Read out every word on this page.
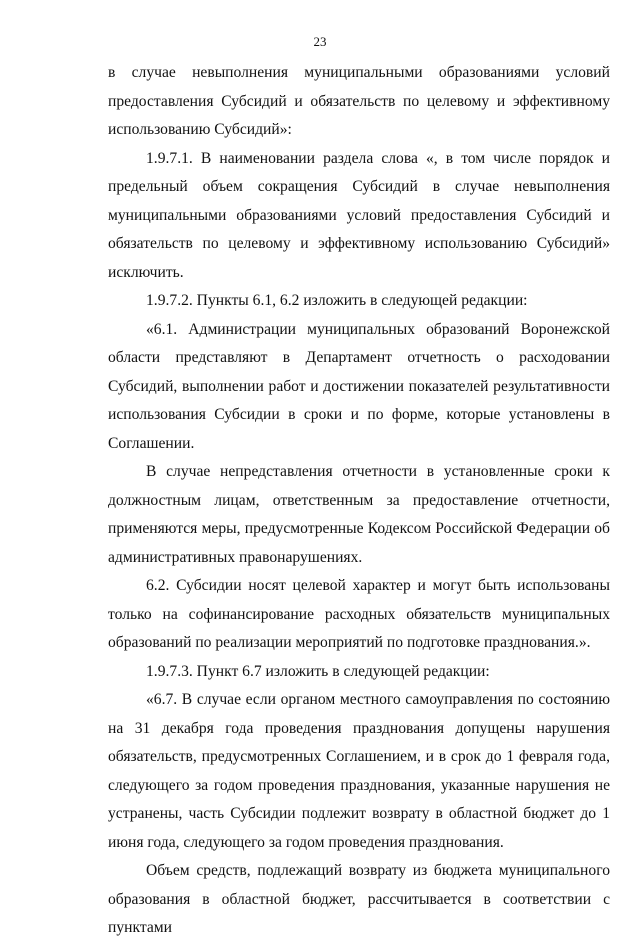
23

в случае невыполнения муниципальными образованиями условий предоставления Субсидий и обязательств по целевому и эффективному использованию Субсидий»:

1.9.7.1. В наименовании раздела слова «, в том числе порядок и предельный объем сокращения Субсидий в случае невыполнения муниципальными образованиями условий предоставления Субсидий и обязательств по целевому и эффективному использованию Субсидий» исключить.

1.9.7.2. Пункты 6.1, 6.2 изложить в следующей редакции:

«6.1. Администрации муниципальных образований Воронежской области представляют в Департамент отчетность о расходовании Субсидий, выполнении работ и достижении показателей результативности использования Субсидии в сроки и по форме, которые установлены в Соглашении.

В случае непредставления отчетности в установленные сроки к должностным лицам, ответственным за предоставление отчетности, применяются меры, предусмотренные Кодексом Российской Федерации об административных правонарушениях.

6.2. Субсидии носят целевой характер и могут быть использованы только на софинансирование расходных обязательств муниципальных образований по реализации мероприятий по подготовке празднования.».

1.9.7.3. Пункт 6.7 изложить в следующей редакции:

«6.7. В случае если органом местного самоуправления по состоянию на 31 декабря года проведения празднования допущены нарушения обязательств, предусмотренных Соглашением, и в срок до 1 февраля года, следующего за годом проведения празднования, указанные нарушения не устранены, часть Субсидии подлежит возврату в областной бюджет до 1 июня года, следующего за годом проведения празднования.

Объем средств, подлежащий возврату из бюджета муниципального образования в областной бюджет, рассчитывается в соответствии с пунктами
